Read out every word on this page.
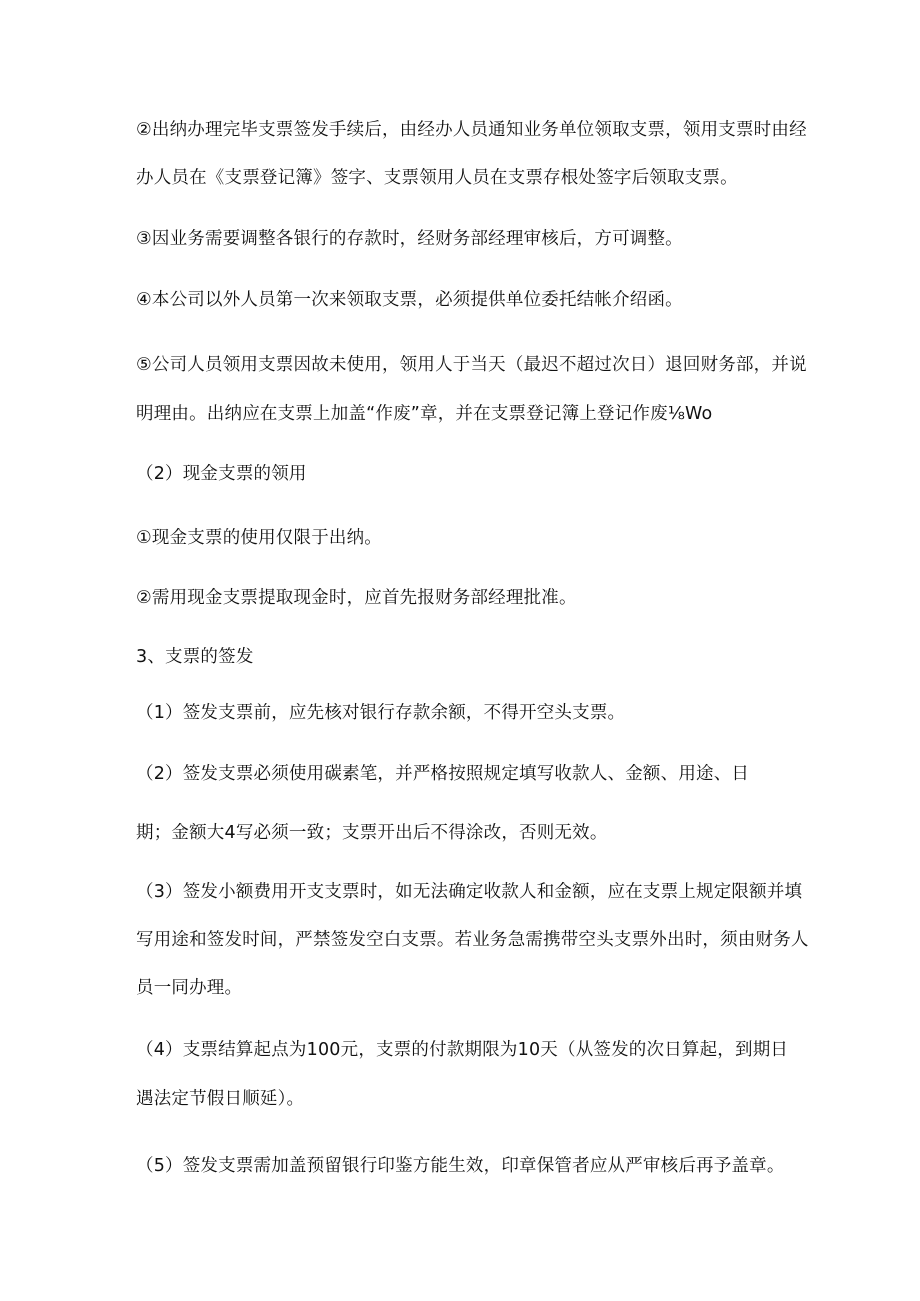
②出纳办理完毕支票签发手续后，由经办人员通知业务单位领取支票，领用支票时由经
办人员在《支票登记簿》签字、支票领用人员在支票存根处签字后领取支票。
③因业务需要调整各银行的存款时，经财务部经理审核后，方可调整。
④本公司以外人员第一次来领取支票，必须提供单位委托结帐介绍函。
⑤公司人员领用支票因故未使用，领用人于当天（最迟不超过次日）退回财务部，并说
明理由。出纳应在支票上加盖“作废”章，并在支票登记簿上登记作废⅛Wo
（2）现金支票的领用
①现金支票的使用仅限于出纳。
②需用现金支票提取现金时，应首先报财务部经理批准。
3、支票的签发
（1）签发支票前，应先核对银行存款余额，不得开空头支票。
（2）签发支票必须使用碳素笔，并严格按照规定填写收款人、金额、用途、日
期；金额大4写必须一致；支票开出后不得涂改，否则无效。
（3）签发小额费用开支支票时，如无法确定收款人和金额，应在支票上规定限额并填
写用途和签发时间，严禁签发空白支票。若业务急需携带空头支票外出时，须由财务人
员一同办理。
（4）支票结算起点为100元，支票的付款期限为10天（从签发的次日算起，到期日
遇法定节假日顺延）。
（5）签发支票需加盖预留银行印鉴方能生效，印章保管者应从严审核后再予盖章。
